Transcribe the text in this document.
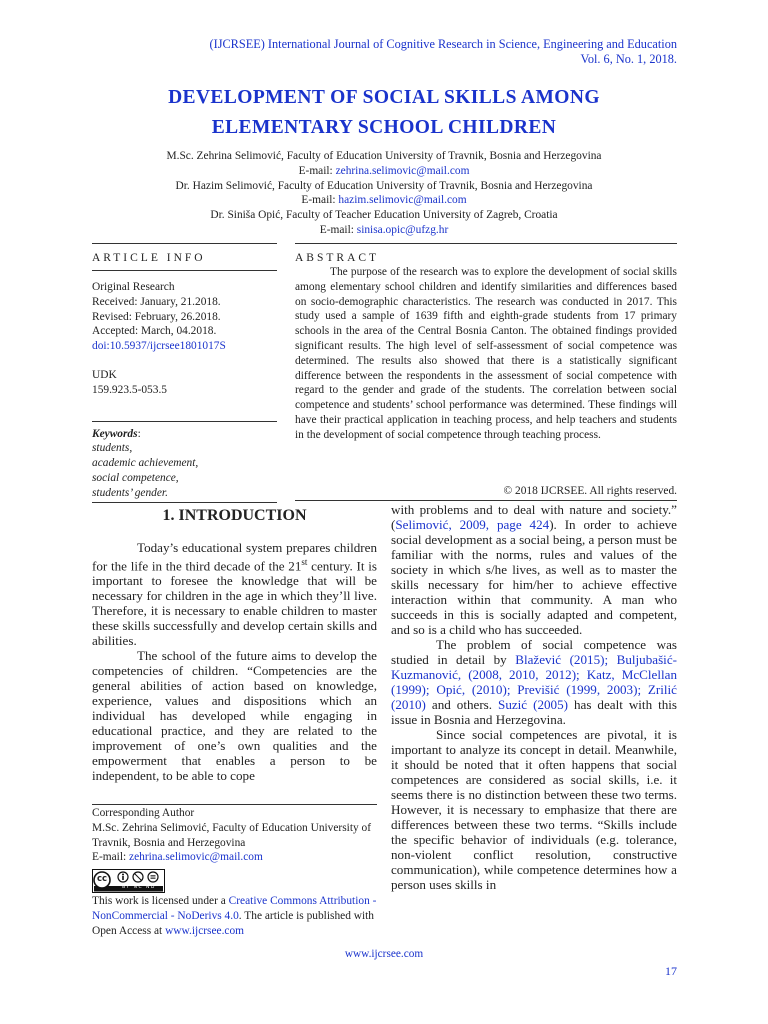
(IJCRSEE) International Journal of Cognitive Research in Science, Engineering and Education
Vol. 6, No. 1, 2018.
DEVELOPMENT OF SOCIAL SKILLS AMONG
ELEMENTARY SCHOOL CHILDREN
M.Sc. Zehrina Selimović, Faculty of Education University of Travnik, Bosnia and Herzegovina
E-mail: zehrina.selimovic@mail.com
Dr. Hazim Selimović, Faculty of Education University of Travnik, Bosnia and Herzegovina
E-mail: hazim.selimovic@mail.com
Dr. Siniša Opić, Faculty of Teacher Education University of Zagreb, Croatia
E-mail: sinisa.opic@ufzg.hr
ARTICLE INFO
Original Research
Received: January, 21.2018.
Revised: February, 26.2018.
Accepted: March, 04.2018.
doi:10.5937/ijcrsee1801017S
UDK
159.923.5-053.5
Keywords:
students,
academic achievement,
social competence,
students’ gender.
ABSTRACT

The purpose of the research was to explore the development of social skills among elementary school children and identify similarities and differences based on socio-demographic characteristics. The research was conducted in 2017. This study used a sample of 1639 fifth and eighth-grade students from 17 primary schools in the area of the Central Bosnia Canton. The obtained findings provided significant results. The high level of self-assessment of social competence was determined. The results also showed that there is a statistically significant difference between the respondents in the assessment of social competence with regard to the gender and grade of the students. The correlation between social competence and students’ school performance was determined. These findings will have their practical application in teaching process, and help teachers and students in the development of social competence through teaching process.

© 2018 IJCRSEE. All rights reserved.
1. INTRODUCTION

Today’s educational system prepares children for the life in the third decade of the 21st century. It is important to foresee the knowledge that will be necessary for children in the age in which they’ll live. Therefore, it is necessary to enable children to master these skills successfully and develop certain skills and abilities.

The school of the future aims to develop the competencies of children. “Competencies are the general abilities of action based on knowledge, experience, values and dispositions which an individual has developed while engaging in educational practice, and they are related to the improvement of one’s own qualities and the empowerment that enables a person to be independent, to be able to cope

with problems and to deal with nature and society.” (Selimović, 2009, page 424). In order to achieve social development as a social being, a person must be familiar with the norms, rules and values of the society in which s/he lives, as well as to master the skills necessary for him/her to achieve effective interaction within that community. A man who succeeds in this is socially adapted and competent, and so is a child who has succeeded.

The problem of social competence was studied in detail by Blažević (2015); Buljubašić-Kuzmanović, (2008, 2010, 2012); Katz, McClellan (1999); Opić, (2010); Previšić (1999, 2003); Zrilić (2010) and others. Suzić (2005) has dealt with this issue in Bosnia and Herzegovina.

Since social competences are pivotal, it is important to analyze its concept in detail. Meanwhile, it should be noted that it often happens that social competences are considered as social skills, i.e. it seems there is no distinction between these two terms. However, it is necessary to emphasize that there are differences between these two terms. “Skills include the specific behavior of individuals (e.g. tolerance, non-violent conflict resolution, constructive communication), while competence determines how a person uses skills in

Corresponding Author
M.Sc. Zehrina Selimović, Faculty of Education University of Travnik, Bosnia and Herzegovina
E-mail: zehrina.selimovic@mail.com
cc
BY NC ND
This work is licensed under a Creative Commons Attribution - NonCommercial - NoDerivs 4.0. The article is published with Open Access at www.ijcrsee.com
www.ijcrsee.com
17
